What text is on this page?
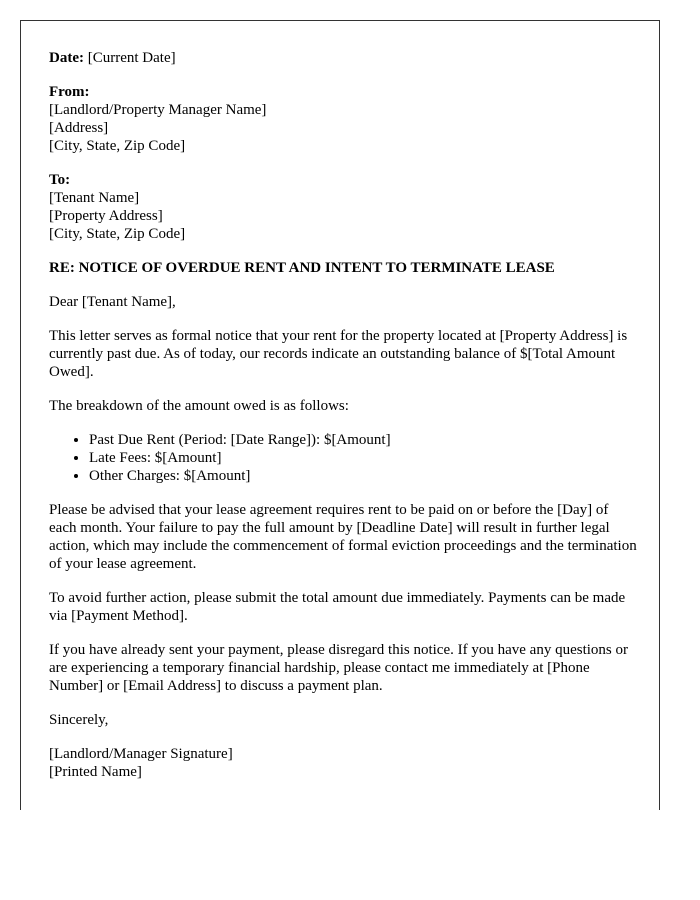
Date: [Current Date]
From:
[Landlord/Property Manager Name]
[Address]
[City, State, Zip Code]
To:
[Tenant Name]
[Property Address]
[City, State, Zip Code]
RE: NOTICE OF OVERDUE RENT AND INTENT TO TERMINATE LEASE

Dear [Tenant Name],

This letter serves as formal notice that your rent for the property located at [Property Address] is currently past due. As of today, our records indicate an outstanding balance of $[Total Amount Owed].

The breakdown of the amount owed is as follows:

• Past Due Rent (Period: [Date Range]): $[Amount]
• Late Fees: $[Amount]
• Other Charges: $[Amount]

Please be advised that your lease agreement requires rent to be paid on or before the [Day] of each month. Your failure to pay the full amount by [Deadline Date] will result in further legal action, which may include the commencement of formal eviction proceedings and the termination of your lease agreement.

To avoid further action, please submit the total amount due immediately. Payments can be made via [Payment Method].

If you have already sent your payment, please disregard this notice. If you have any questions or are experiencing a temporary financial hardship, please contact me immediately at [Phone Number] or [Email Address] to discuss a payment plan.

Sincerely,

[Landlord/Manager Signature]
[Printed Name]
